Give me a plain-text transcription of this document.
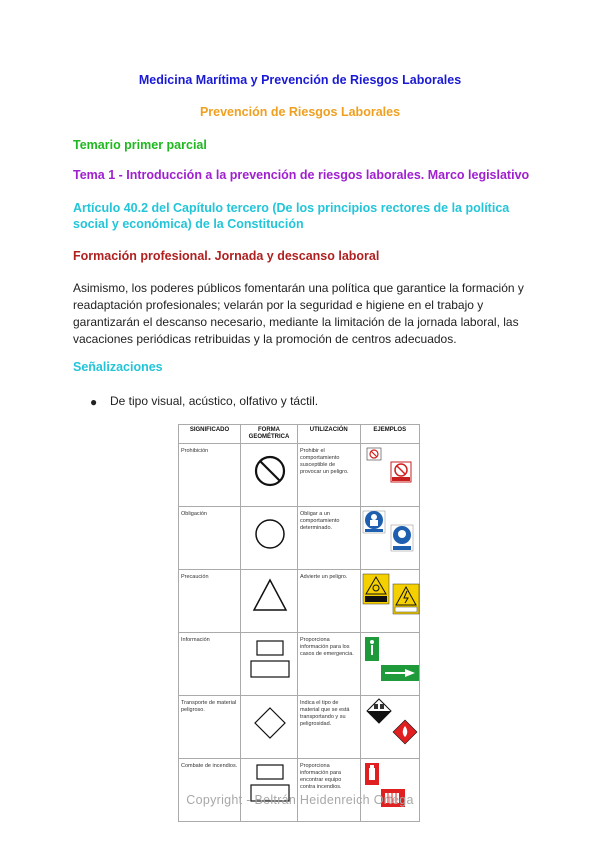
Medicina Marítima y Prevención de Riesgos Laborales
Prevención de Riesgos Laborales
Temario primer parcial
Tema 1 - Introducción a la prevención de riesgos laborales. Marco legislativo
Artículo 40.2 del Capítulo tercero (De los principios rectores de la política social y económica) de la Constitución
Formación profesional. Jornada y descanso laboral
Asimismo, los poderes públicos fomentarán una política que garantice la formación y readaptación profesionales; velarán por la seguridad e higiene en el trabajo y garantizarán el descanso necesario, mediante la limitación de la jornada laboral, las vacaciones periódicas retribuidas y la promoción de centros adecuados.
Señalizaciones
● De tipo visual, acústico, olfativo y táctil.
SIGNIFICADO	FORMA GEOMÉTRICA	UTILIZACIÓN	EJEMPLOS
Prohibición		Prohibir el comportamiento susceptible de provocar un peligro.	

Obligación		Obligar a un comportamiento determinado.	

Precaución		Advierte un peligro.	

Información		Proporciona información para los casos de emergencia.	

Transporte de material peligroso.		Indica el tipo de material que se está transportando y su peligrosidad.	

Combate de incendios.		Proporciona información para encontrar equipo contra incendios.	
Copyright - Beltrán Heidenreich Ortega
